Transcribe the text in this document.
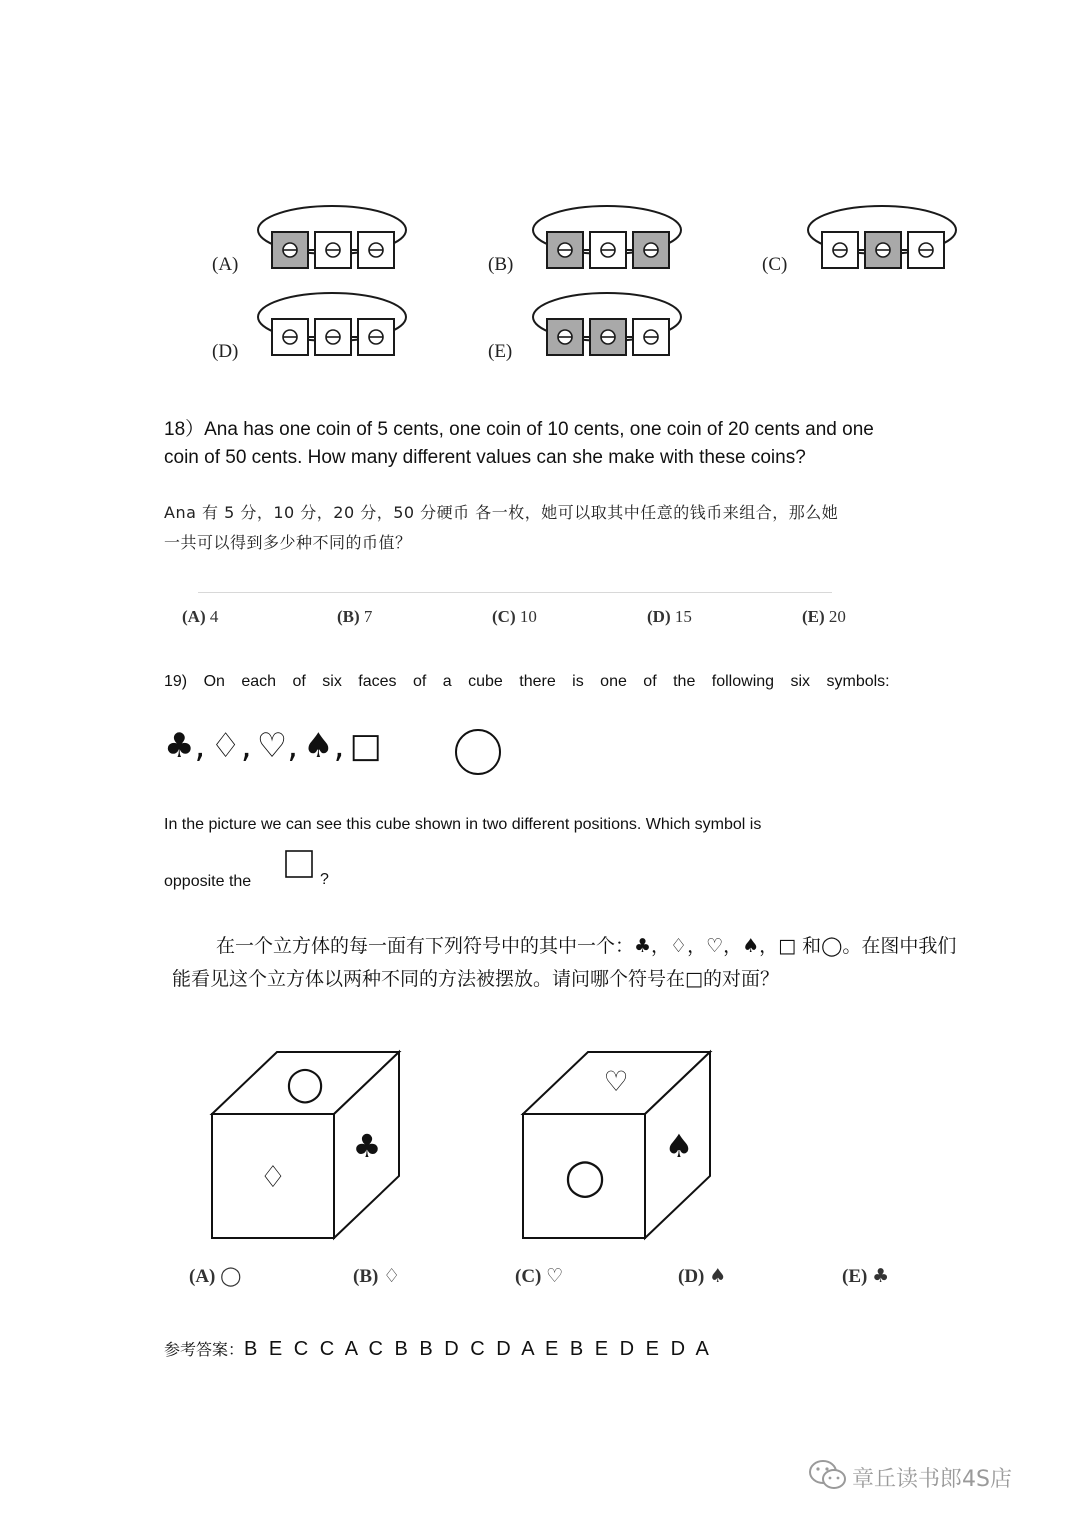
(A)	(B)	(C)
(D)	(E)
18）Ana has one coin of 5 cents, one coin of 10 cents, one coin of 20 cents and one
coin of 50 cents. How many different values can she make with these coins?
Ana 有 5 分，10 分，20 分，50 分硬币 各一枚，她可以取其中任意的钱币来组合，那么她
一共可以得到多少种不同的币值？
(A) 4	(B) 7	(C) 10	(D) 15	(E) 20
19) On each of six faces of a cube there is one of the following six symbols:
♣, ♢, ♡, ♠, □
In the picture we can see this cube shown in two different positions. Which symbol is
opposite the	?
在一个立方体的每一面有下列符号中的其中一个：♣，♢，♡，♠，□ 和◯。在图中我们
能看见这个立方体以两种不同的方法被摆放。请问哪个符号在□的对面？
◯
♢
♣
♡
◯
♠
(A) ◯	(B) ♢	(C) ♡	(D) ♠	(E) ♣
参考答案：B E C C A C B B D C D A E B E D E D A
章丘读书郎4S店
